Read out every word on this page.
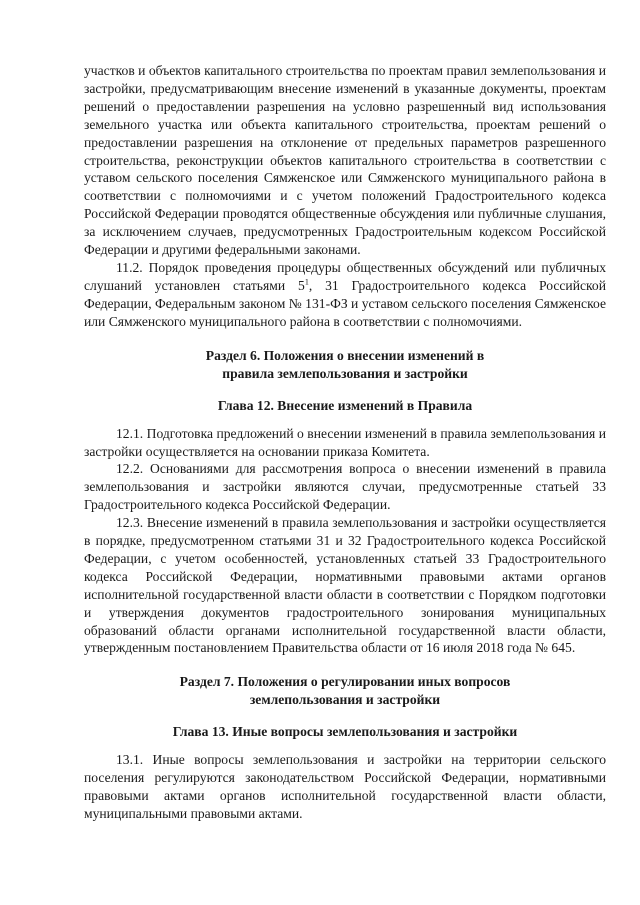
участков и объектов капитального строительства по проектам правил землепользования и застройки, предусматривающим внесение изменений в указанные документы, проектам решений о предоставлении разрешения на условно разрешенный вид использования земельного участка или объекта капитального строительства, проектам решений о предоставлении разрешения на отклонение от предельных параметров разрешенного строительства, реконструкции объектов капитального строительства в соответствии с уставом сельского поселения Сямженское или Сямженского муниципального района в соответствии с полномочиями и с учетом положений Градостроительного кодекса Российской Федерации проводятся общественные обсуждения или публичные слушания, за исключением случаев, предусмотренных Градостроительным кодексом Российской Федерации и другими федеральными законами.

11.2. Порядок проведения процедуры общественных обсуждений или публичных слушаний установлен статьями $5^1$, 31 Градостроительного кодекса Российской Федерации, Федеральным законом № 131-ФЗ и уставом сельского поселения Сямженское или Сямженского муниципального района в соответствии с полномочиями.

Раздел 6. Положения о внесении изменений в

правила землепользования и застройки

Глава 12. Внесение изменений в Правила

12.1. Подготовка предложений о внесении изменений в правила землепользования и застройки осуществляется на основании приказа Комитета.

12.2. Основаниями для рассмотрения вопроса о внесении изменений в правила землепользования и застройки являются случаи, предусмотренные статьей 33 Градостроительного кодекса Российской Федерации.

12.3. Внесение изменений в правила землепользования и застройки осуществляется в порядке, предусмотренном статьями 31 и 32 Градостроительного кодекса Российской Федерации, с учетом особенностей, установленных статьей 33 Градостроительного кодекса Российской Федерации, нормативными правовыми актами органов исполнительной государственной власти области в соответствии с Порядком подготовки и утверждения документов градостроительного зонирования муниципальных образований области органами исполнительной государственной власти области, утвержденным постановлением Правительства области от 16 июля 2018 года № 645.

Раздел 7. Положения о регулировании иных вопросов

землепользования и застройки

Глава 13. Иные вопросы землепользования и застройки

13.1. Иные вопросы землепользования и застройки на территории сельского поселения регулируются законодательством Российской Федерации, нормативными правовыми актами органов исполнительной государственной власти области, муниципальными правовыми актами.
